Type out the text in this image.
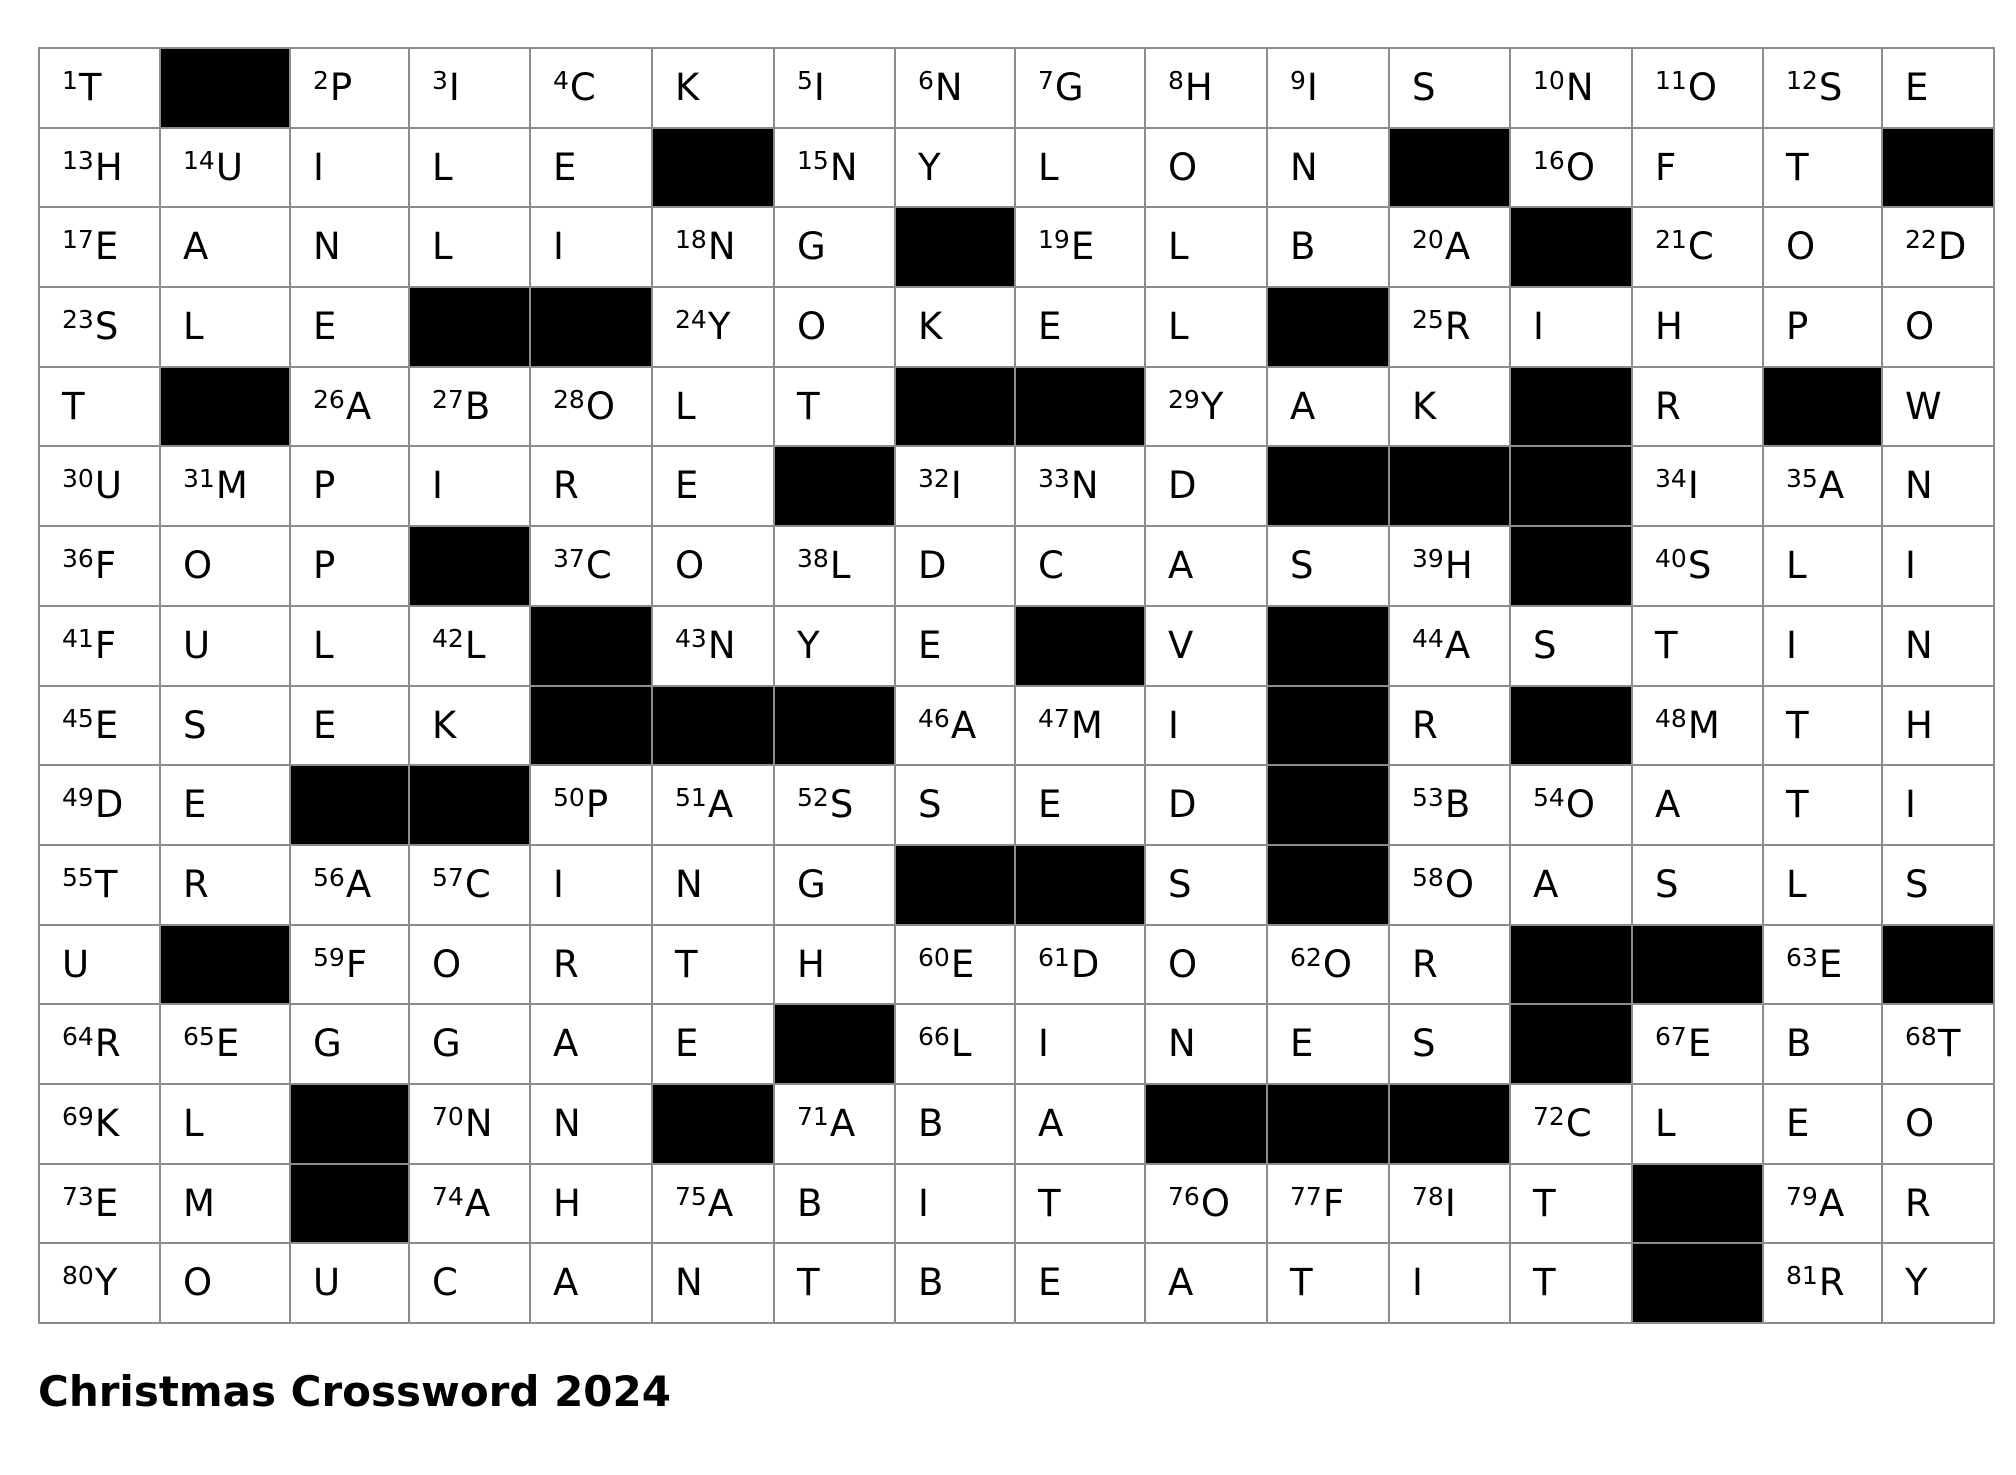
$^1$T		$^2$P	$^3$I	$^4$C	K	$^5$I	$^6$N	$^7$G	$^8$H	$^9$I	S	$^{10}$N	$^{11}$O	$^{12}$S	E

$^{13}$H	$^{14}$U	I	L	E		$^{15}$N	Y	L	O	N		$^{16}$O	F	T	

$^{17}$E	A	N	L	I	$^{18}$N	G		$^{19}$E	L	B	$^{20}$A		$^{21}$C	O	$^{22}$D

$^{23}$S	L	E			$^{24}$Y	O	K	E	L		$^{25}$R	I	H	P	O

T		$^{26}$A	$^{27}$B	$^{28}$O	L	T			$^{29}$Y	A	K		R		W

$^{30}$U	$^{31}$M	P	I	R	E		$^{32}$I	$^{33}$N	D				$^{34}$I	$^{35}$A	N

$^{36}$F	O	P		$^{37}$C	O	$^{38}$L	D	C	A	S	$^{39}$H		$^{40}$S	L	I

$^{41}$F	U	L	$^{42}$L		$^{43}$N	Y	E		V		$^{44}$A	S	T	I	N

$^{45}$E	S	E	K				$^{46}$A	$^{47}$M	I		R		$^{48}$M	T	H

$^{49}$D	E			$^{50}$P	$^{51}$A	$^{52}$S	S	E	D		$^{53}$B	$^{54}$O	A	T	I

$^{55}$T	R	$^{56}$A	$^{57}$C	I	N	G			S		$^{58}$O	A	S	L	S

U		$^{59}$F	O	R	T	H	$^{60}$E	$^{61}$D	O	$^{62}$O	R			$^{63}$E	

$^{64}$R	$^{65}$E	G	G	A	E		$^{66}$L	I	N	E	S		$^{67}$E	B	$^{68}$T

$^{69}$K	L		$^{70}$N	N		$^{71}$A	B	A				$^{72}$C	L	E	O

$^{73}$E	M		$^{74}$A	H	$^{75}$A	B	I	T	$^{76}$O	$^{77}$F	$^{78}$I	T		$^{79}$A	R

$^{80}$Y	O	U	C	A	N	T	B	E	A	T	I	T		$^{81}$R	Y
Christmas Crossword 2024
